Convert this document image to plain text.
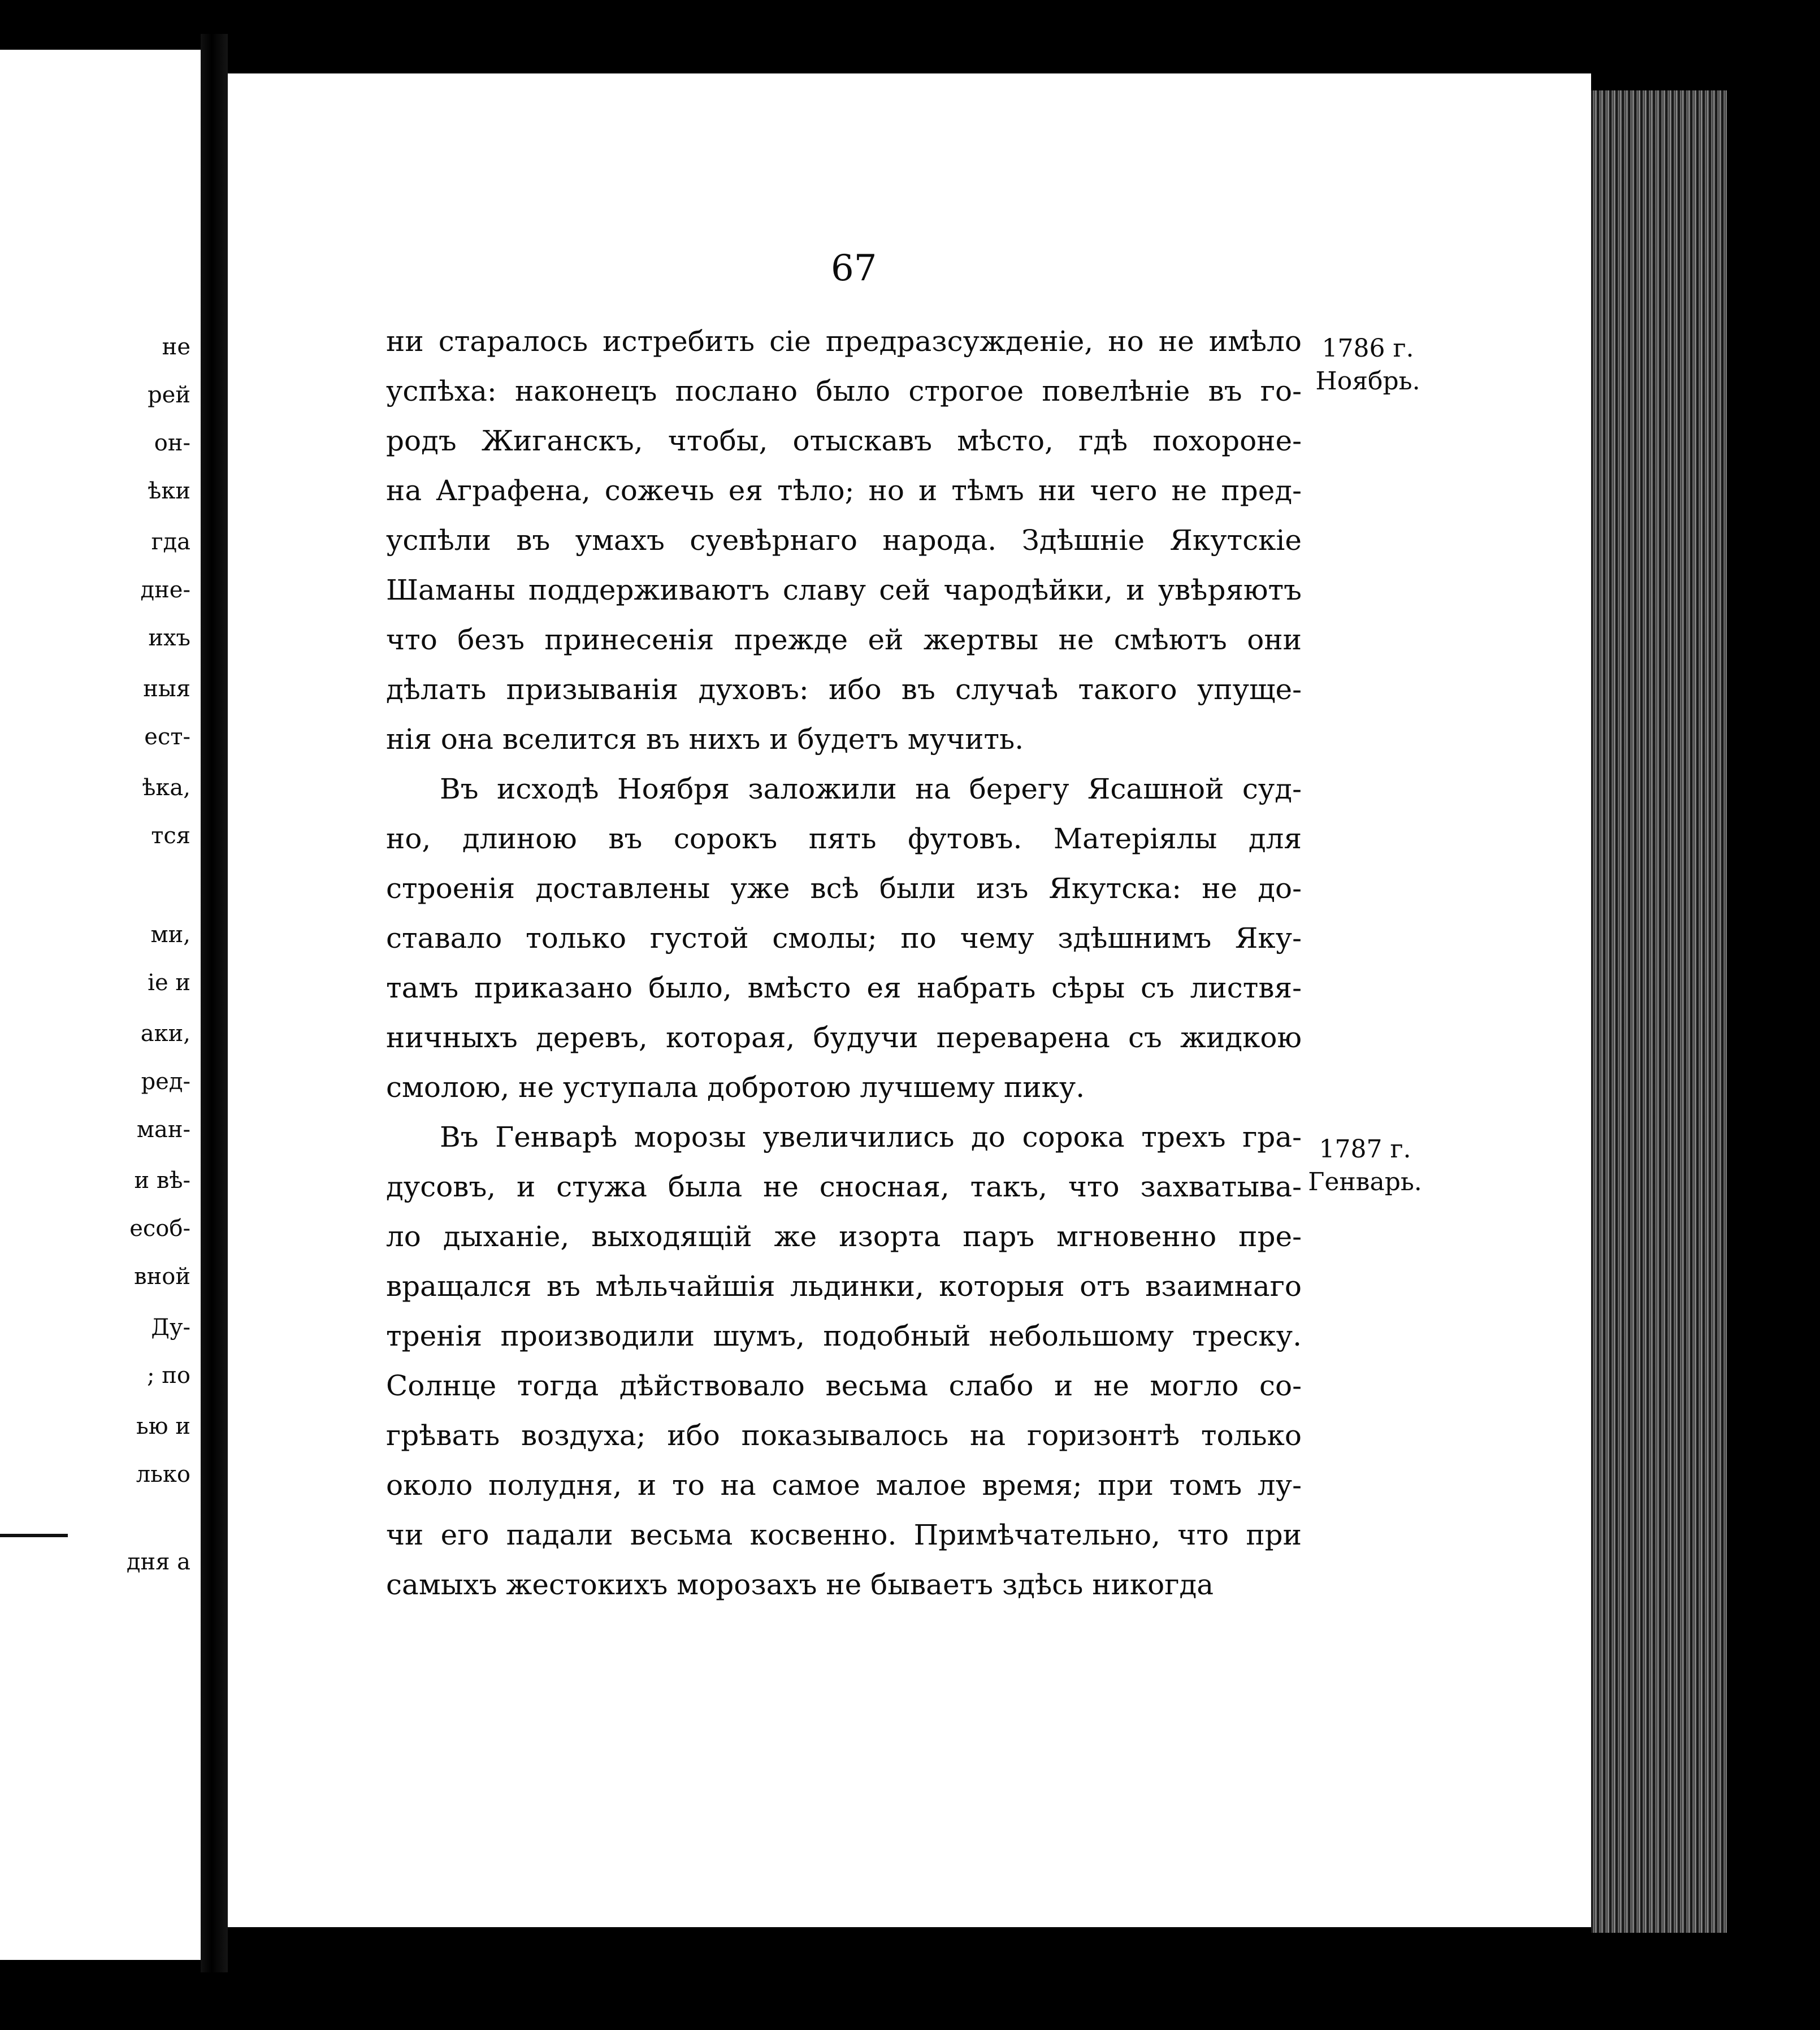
не
рей
он-
ѣки
гда
дне-
ихъ
ныя
ест-
ѣка,
тся
ми,
іе и
аки,
ред-
ман-
и вѣ-
есоб-
вной
Ду-
; по
ью и
лько
дня а
67
ни старалось истребить сіе предразсужденіе, но не имѣло
успѣха: наконецъ послано было строгое повелѣніе въ го-
родъ Жиганскъ, чтобы, отыскавъ мѣсто, гдѣ похороне-
на Аграфена, сожечь ея тѣло; но и тѣмъ ни чего не пред-
успѣли въ умахъ суевѣрнаго народа. Здѣшніе Якутскіе
Шаманы поддерживаютъ славу сей чародѣйки, и увѣряютъ
что безъ принесенія прежде ей жертвы не смѣютъ они
дѣлать призыванія духовъ: ибо въ случаѣ такого упуще-
нія она вселится въ нихъ и будетъ мучить.
Въ исходѣ Ноября заложили на берегу Ясашной суд-
но, длиною въ сорокъ пять футовъ. Матеріялы для
строенія доставлены уже всѣ были изъ Якутска: не до-
ставало только густой смолы; по чему здѣшнимъ Яку-
тамъ приказано было, вмѣсто ея набрать сѣры съ листвя-
ничныхъ деревъ, которая, будучи переварена съ жидкою
смолою, не уступала добротою лучшему пику.
Въ Генварѣ морозы увеличились до сорока трехъ гра-
дусовъ, и стужа была не сносная, такъ, что захватыва-
ло дыханіе, выходящій же изорта паръ мгновенно пре-
вращался въ мѣльчайшія льдинки, которыя отъ взаимнаго
тренія производили шумъ, подобный небольшому треску.
Солнце тогда дѣйствовало весьма слабо и не могло со-
грѣвать воздуха; ибо показывалось на горизонтѣ только
около полудня, и то на самое малое время; при томъ лу-
чи его падали весьма косвенно. Примѣчательно, что при
самыхъ жестокихъ морозахъ не бываетъ здѣсь никогда
1786 г.
Ноябрь.
1787 г.
Генварь.
